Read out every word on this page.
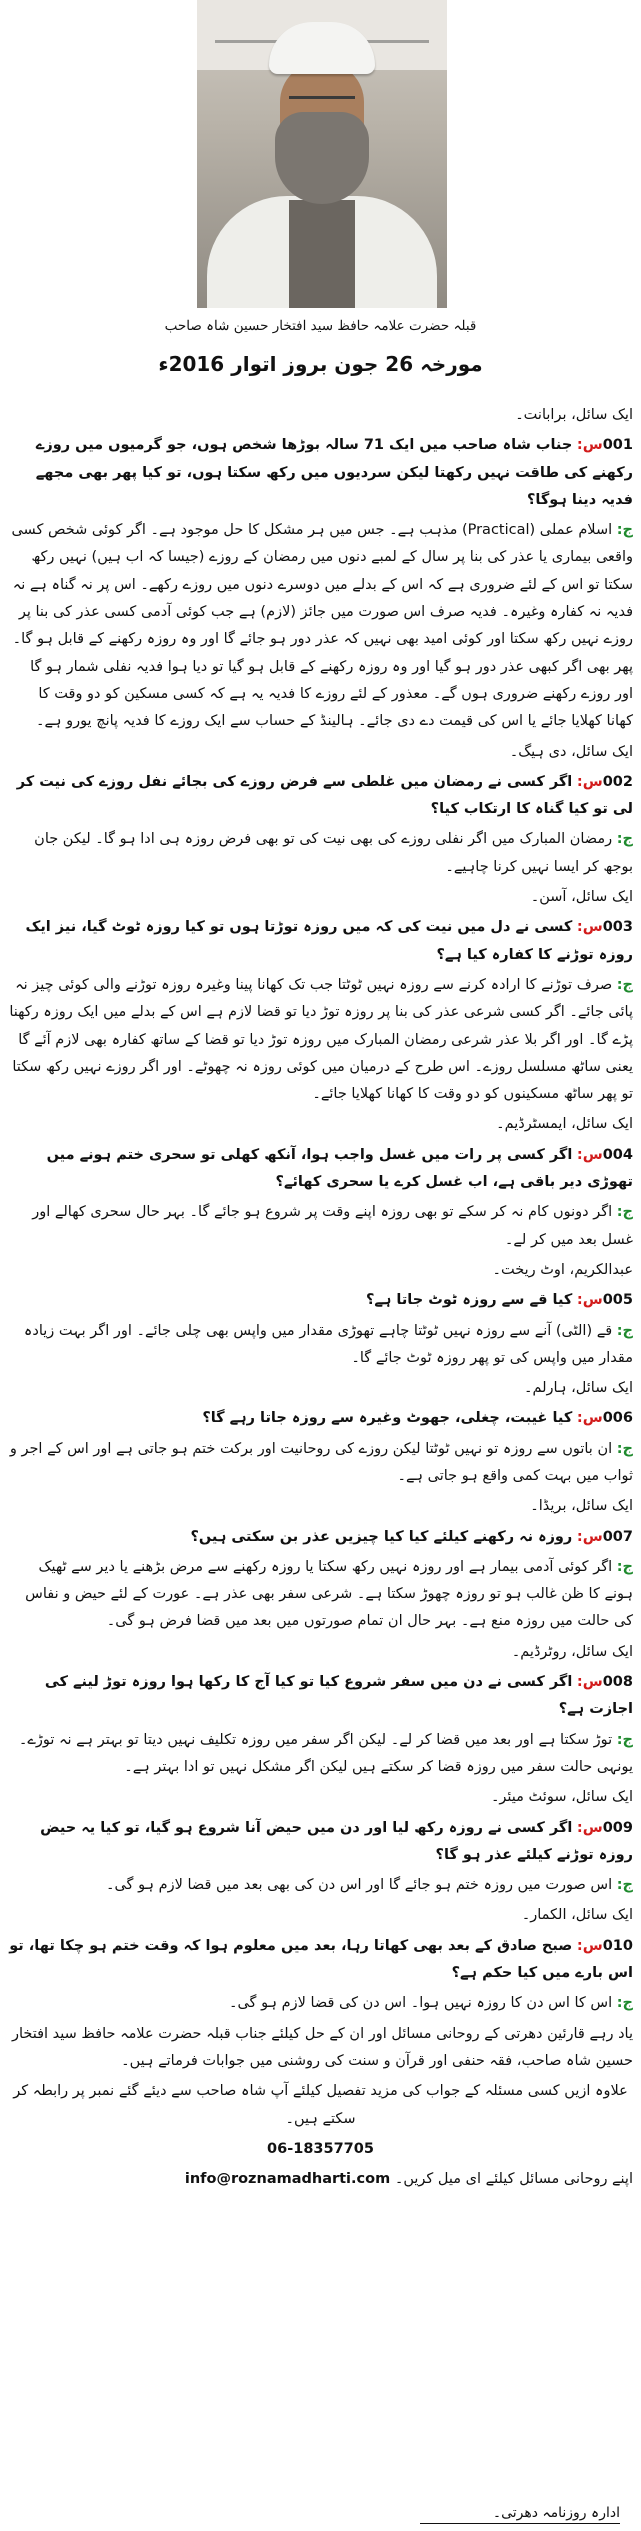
قبلہ حضرت علامہ حافظ سید افتخار حسین شاہ صاحب
مورخہ 26 جون بروز اتوار 2016ء

ایک سائل، برابانت۔

001س: جناب شاہ صاحب میں ایک 71 سالہ بوڑھا شخص ہوں، جو گرمیوں میں روزے رکھنے کی طاقت نہیں رکھتا لیکن سردیوں میں رکھ سکتا ہوں، تو کیا پھر بھی مجھے فدیہ دینا ہوگا؟

ج: اسلام عملی (Practical) مذہب ہے۔ جس میں ہر مشکل کا حل موجود ہے۔ اگر کوئی شخص کسی واقعی بیماری یا عذر کی بنا پر سال کے لمبے دنوں میں رمضان کے روزے (جیسا کہ اب ہیں) نہیں رکھ سکتا تو اس کے لئے ضروری ہے کہ اس کے بدلے میں دوسرے دنوں میں روزے رکھے۔ اس پر نہ گناہ ہے نہ فدیہ نہ کفارہ وغیرہ۔ فدیہ صرف اس صورت میں جائز (لازم) ہے جب کوئی آدمی کسی عذر کی بنا پر روزے نہیں رکھ سکتا اور کوئی امید بھی نہیں کہ عذر دور ہو جائے گا اور وہ روزہ رکھنے کے قابل ہو گا۔ پھر بھی اگر کبھی عذر دور ہو گیا اور وہ روزہ رکھنے کے قابل ہو گیا تو دیا ہوا فدیہ نفلی شمار ہو گا اور روزے رکھنے ضروری ہوں گے۔ معذور کے لئے روزے کا فدیہ یہ ہے کہ کسی مسکین کو دو وقت کا کھانا کھلایا جائے یا اس کی قیمت دے دی جائے۔ ہالینڈ کے حساب سے ایک روزے کا فدیہ پانچ یورو ہے۔

ایک سائل، دی ہیگ۔

002س: اگر کسی نے رمضان میں غلطی سے فرض روزے کی بجائے نفل روزے کی نیت کر لی تو کیا گناہ کا ارتکاب کیا؟

ج: رمضان المبارک میں اگر نفلی روزے کی بھی نیت کی تو بھی فرض روزہ ہی ادا ہو گا۔ لیکن جان بوجھ کر ایسا نہیں کرنا چاہیے۔

ایک سائل، آسن۔

003س: کسی نے دل میں نیت کی کہ میں روزہ توڑتا ہوں تو کیا روزہ ٹوٹ گیا، نیز ایک روزہ توڑنے کا کفارہ کیا ہے؟

ج: صرف توڑنے کا ارادہ کرنے سے روزہ نہیں ٹوٹتا جب تک کھانا پینا وغیرہ روزہ توڑنے والی کوئی چیز نہ پائی جائے۔ اگر کسی شرعی عذر کی بنا پر روزہ توڑ دیا تو قضا لازم ہے اس کے بدلے میں ایک روزہ رکھنا پڑے گا۔ اور اگر بلا عذر شرعی رمضان المبارک میں روزہ توڑ دیا تو قضا کے ساتھ کفارہ بھی لازم آئے گا یعنی ساٹھ مسلسل روزے۔ اس طرح کے درمیان میں کوئی روزہ نہ چھوٹے۔ اور اگر روزے نہیں رکھ سکتا تو پھر ساٹھ مسکینوں کو دو وقت کا کھانا کھلایا جائے۔

ایک سائل، ایمسٹرڈیم۔

004س: اگر کسی پر رات میں غسل واجب ہوا، آنکھ کھلی تو سحری ختم ہونے میں تھوڑی دیر باقی ہے، اب غسل کرے یا سحری کھائے؟

ج: اگر دونوں کام نہ کر سکے تو بھی روزہ اپنے وقت پر شروع ہو جائے گا۔ بہر حال سحری کھالے اور غسل بعد میں کر لے۔

عبدالکریم، اوٹ ریخت۔

005س: کیا قے سے روزہ ٹوٹ جاتا ہے؟

ج: قے (الٹی) آنے سے روزہ نہیں ٹوٹتا چاہے تھوڑی مقدار میں واپس بھی چلی جائے۔ اور اگر بہت زیادہ مقدار میں واپس کی تو پھر روزہ ٹوٹ جائے گا۔

ایک سائل، ہارلم۔

006س: کیا غیبت، چغلی، جھوٹ وغیرہ سے روزہ جاتا رہے گا؟

ج: ان باتوں سے روزہ تو نہیں ٹوٹتا لیکن روزے کی روحانیت اور برکت ختم ہو جاتی ہے اور اس کے اجر و ثواب میں بہت کمی واقع ہو جاتی ہے۔

ایک سائل، بریڈا۔

007س: روزہ نہ رکھنے کیلئے کیا کیا چیزیں عذر بن سکتی ہیں؟

ج: اگر کوئی آدمی بیمار ہے اور روزہ نہیں رکھ سکتا یا روزہ رکھنے سے مرض بڑھنے یا دیر سے ٹھیک ہونے کا ظن غالب ہو تو روزہ چھوڑ سکتا ہے۔ شرعی سفر بھی عذر ہے۔ عورت کے لئے حیض و نفاس کی حالت میں روزہ منع ہے۔ بہر حال ان تمام صورتوں میں بعد میں قضا فرض ہو گی۔

ایک سائل، روٹرڈیم۔

008س: اگر کسی نے دن میں سفر شروع کیا تو کیا آج کا رکھا ہوا روزہ توڑ لینے کی اجازت ہے؟

ج: توڑ سکتا ہے اور بعد میں قضا کر لے۔ لیکن اگر سفر میں روزہ تکلیف نہیں دیتا تو بہتر ہے نہ توڑے۔ یونہی حالت سفر میں روزہ قضا کر سکتے ہیں لیکن اگر مشکل نہیں تو ادا بہتر ہے۔

ایک سائل، سوئٹ میئر۔

009س: اگر کسی نے روزہ رکھ لیا اور دن میں حیض آنا شروع ہو گیا، تو کیا یہ حیض روزہ توڑنے کیلئے عذر ہو گا؟

ج: اس صورت میں روزہ ختم ہو جائے گا اور اس دن کی بھی بعد میں قضا لازم ہو گی۔

ایک سائل، الکمار۔

010س: صبح صادق کے بعد بھی کھاتا رہا، بعد میں معلوم ہوا کہ وقت ختم ہو چکا تھا، تو اس بارے میں کیا حکم ہے؟

ج: اس کا اس دن کا روزہ نہیں ہوا۔ اس دن کی قضا لازم ہو گی۔

یاد رہے قارئین دھرتی کے روحانی مسائل اور ان کے حل کیلئے جناب قبلہ حضرت علامہ حافظ سید افتخار حسین شاہ صاحب، فقہ حنفی اور قرآن و سنت کی روشنی میں جوابات فرماتے ہیں۔

علاوہ ازیں کسی مسئلہ کے جواب کی مزید تفصیل کیلئے آپ شاہ صاحب سے دیئے گئے نمبر پر رابطہ کر سکتے ہیں۔

06-18357705

اپنے روحانی مسائل کیلئے ای میل کریں۔ info@roznamadharti.com

ادارہ روزنامہ دھرتی۔
